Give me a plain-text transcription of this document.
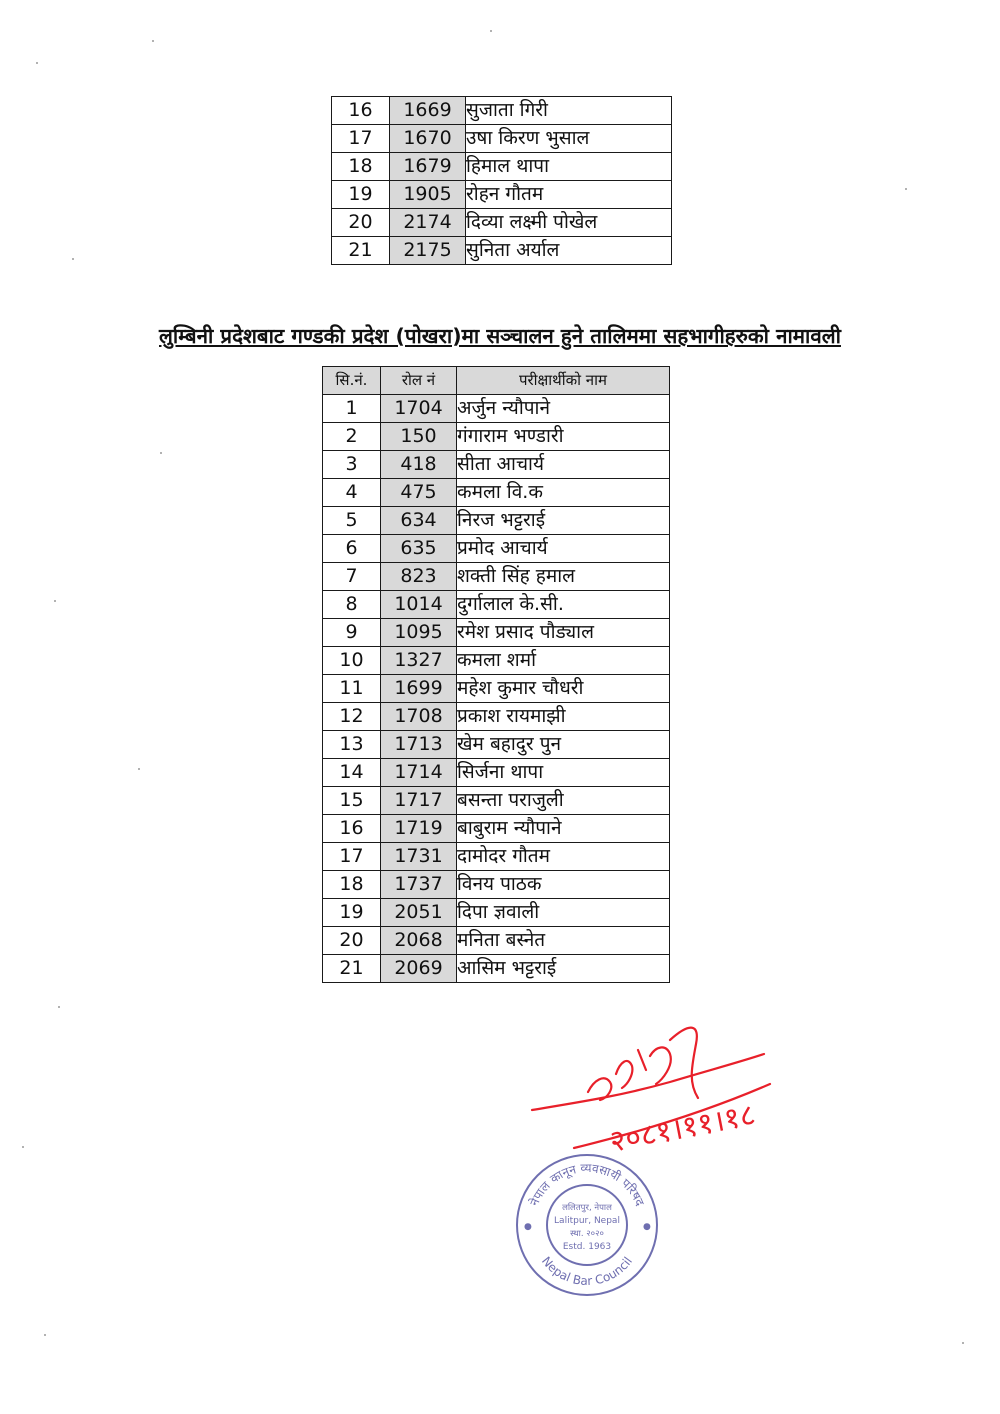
16	1669	सुजाता गिरी
17	1670	उषा किरण भुसाल
18	1679	हिमाल थापा
19	1905	रोहन गौतम
20	2174	दिव्या लक्ष्मी पोखेल
21	2175	सुनिता अर्याल
लुम्बिनी प्रदेशबाट गण्डकी प्रदेश (पोखरा)मा सञ्चालन हुने तालिममा सहभागीहरुको नामावली
सि.नं.	रोल नं	परीक्षार्थीको नाम
1	1704	अर्जुन न्यौपाने
2	150	गंगाराम भण्डारी
3	418	सीता आचार्य
4	475	कमला वि.क
5	634	निरज भट्टराई
6	635	प्रमोद आचार्य
7	823	शक्ती सिंह हमाल
8	1014	दुर्गालाल के.सी.
9	1095	रमेश प्रसाद पौड्याल
10	1327	कमला शर्मा
11	1699	महेश कुमार चौधरी
12	1708	प्रकाश रायमाझी
13	1713	खेम बहादुर पुन
14	1714	सिर्जना थापा
15	1717	बसन्ता पराजुली
16	1719	बाबुराम न्यौपाने
17	1731	दामोदर गौतम
18	1737	विनय पाठक
19	2051	दिपा ज्ञवाली
20	2068	मनिता बस्नेत
21	2069	आसिम भट्टराई
२०८१।११।१८
नेपाल कानून व्यवसायी परिषद
Nepal Bar Council
ललितपुर, नेपाल
Lalitpur, Nepal
स्था. २०२०
Estd. 1963
●	●
